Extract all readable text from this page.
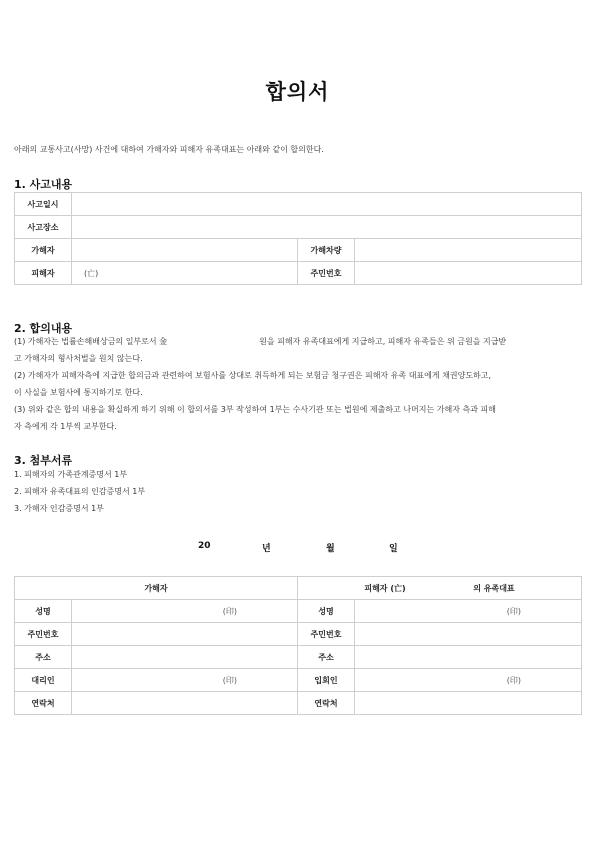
합의서
아래의 교통사고(사망) 사건에 대하여 가해자와 피해자 유족대표는 아래와 같이 합의한다.
1. 사고내용
사고일시			
사고장소			
가해자		가해차량	
피해자	(亡)	주민번호	
2. 합의내용

(1) 가해자는 법률손해배상금의 일부로서 金	원을 피해자 유족대표에게 지급하고, 피해자 유족들은 위 금원을 지급받

고 가해자의 형사처벌을 원치 않는다.

(2) 가해자가 피해자측에 지급한 합의금과 관련하여 보험사를 상대로 취득하게 되는 보험금 청구권은 피해자 유족 대표에게 채권양도하고,

이 사실을 보험사에 통지하기로 한다.

(3) 위와 같은 합의 내용을 확실하게 하기 위해 이 합의서를 3부 작성하여 1부는 수사기관 또는 법원에 제출하고 나머지는 가해자 측과 피해

자 측에게 각 1부씩 교부한다.

3. 첨부서류
1. 피해자의 가족관계증명서 1부
2. 피해자 유족대표의 인감증명서 1부
3. 가해자 인감증명서 1부
20	년	월	일
가해자		피해자 (亡) 의 유족대표	
성명	(印)	성명	(印)

주민번호		주민번호	
주소		주소	
대리인	(印)	입회인	(印)

연락처		연락처	
